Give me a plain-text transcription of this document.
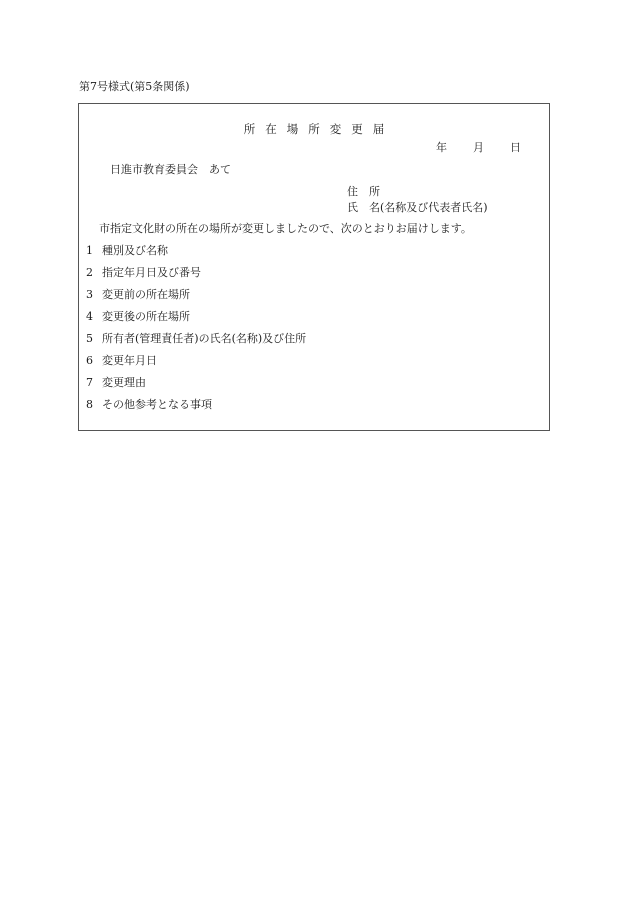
第7号様式(第5条関係)
所在場所変更届
年 月 日
日進市教育委員会　あて
住　所
氏　名(名称及び代表者氏名)
市指定文化財の所在の場所が変更しましたので、次のとおりお届けします。
1 種別及び名称
2 指定年月日及び番号
3 変更前の所在場所
4 変更後の所在場所
5 所有者(管理責任者)の氏名(名称)及び住所
6 変更年月日
7 変更理由
8 その他参考となる事項
